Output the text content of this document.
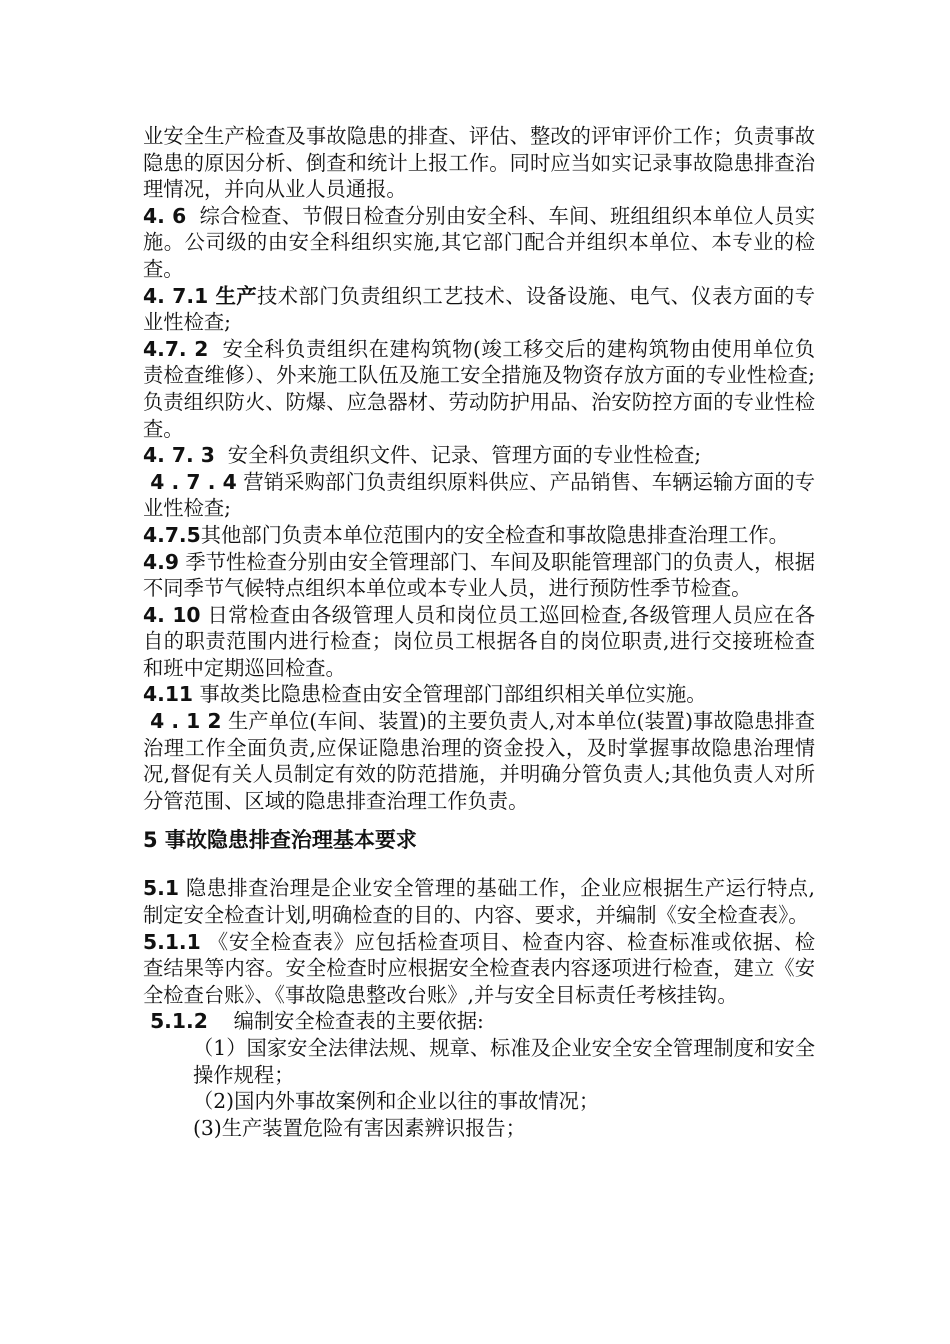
业安全生产检查及事故隐患的排查、评估、整改的评审评价工作；负责事故隐患的原因分析、倒查和统计上报工作。同时应当如实记录事故隐患排查治理情况，并向从业人员通报。

4. 6  综合检查、节假日检查分别由安全科、车间、班组组织本单位人员实施。公司级的由安全科组织实施,其它部门配合并组织本单位、本专业的检查。

4. 7.1 生产技术部门负责组织工艺技术、设备设施、电气、仪表方面的专业性检查;

4.7. 2  安全科负责组织在建构筑物(竣工移交后的建构筑物由使用单位负责检查维修）、外来施工队伍及施工安全措施及物资存放方面的专业性检查;负责组织防火、防爆、应急器材、劳动防护用品、治安防控方面的专业性检查。

4. 7. 3  安全科负责组织文件、记录、管理方面的专业性检查;

4 . 7 . 4 营销采购部门负责组织原料供应、产品销售、车辆运输方面的专业性检查;

4.7.5其他部门负责本单位范围内的安全检查和事故隐患排查治理工作。

4.9 季节性检查分别由安全管理部门、车间及职能管理部门的负责人，根据不同季节气候特点组织本单位或本专业人员，进行预防性季节检查。

4. 10 日常检查由各级管理人员和岗位员工巡回检查,各级管理人员应在各自的职责范围内进行检查；岗位员工根据各自的岗位职责,进行交接班检查和班中定期巡回检查。

4.11 事故类比隐患检查由安全管理部门部组织相关单位实施。

4 . 1 2 生产单位(车间、装置)的主要负责人,对本单位(装置)事故隐患排查治理工作全面负责,应保证隐患治理的资金投入，及时掌握事故隐患治理情况,督促有关人员制定有效的防范措施，并明确分管负责人;其他负责人对所分管范围、区域的隐患排查治理工作负责。

5 事故隐患排查治理基本要求

5.1 隐患排查治理是企业安全管理的基础工作，企业应根据生产运行特点,制定安全检查计划,明确检查的目的、内容、要求，并编制《安全检查表》。

5.1.1 《安全检查表》应包括检查项目、检查内容、检查标准或依据、检查结果等内容。安全检查时应根据安全检查表内容逐项进行检查，建立《安全检查台账》、《事故隐患整改台账》,并与安全目标责任考核挂钩。

5.1.2    编制安全检查表的主要依据:

（1）国家安全法律法规、规章、标准及企业安全安全管理制度和安全操作规程；

（2)国内外事故案例和企业以往的事故情况；

(3)生产装置危险有害因素辨识报告；
